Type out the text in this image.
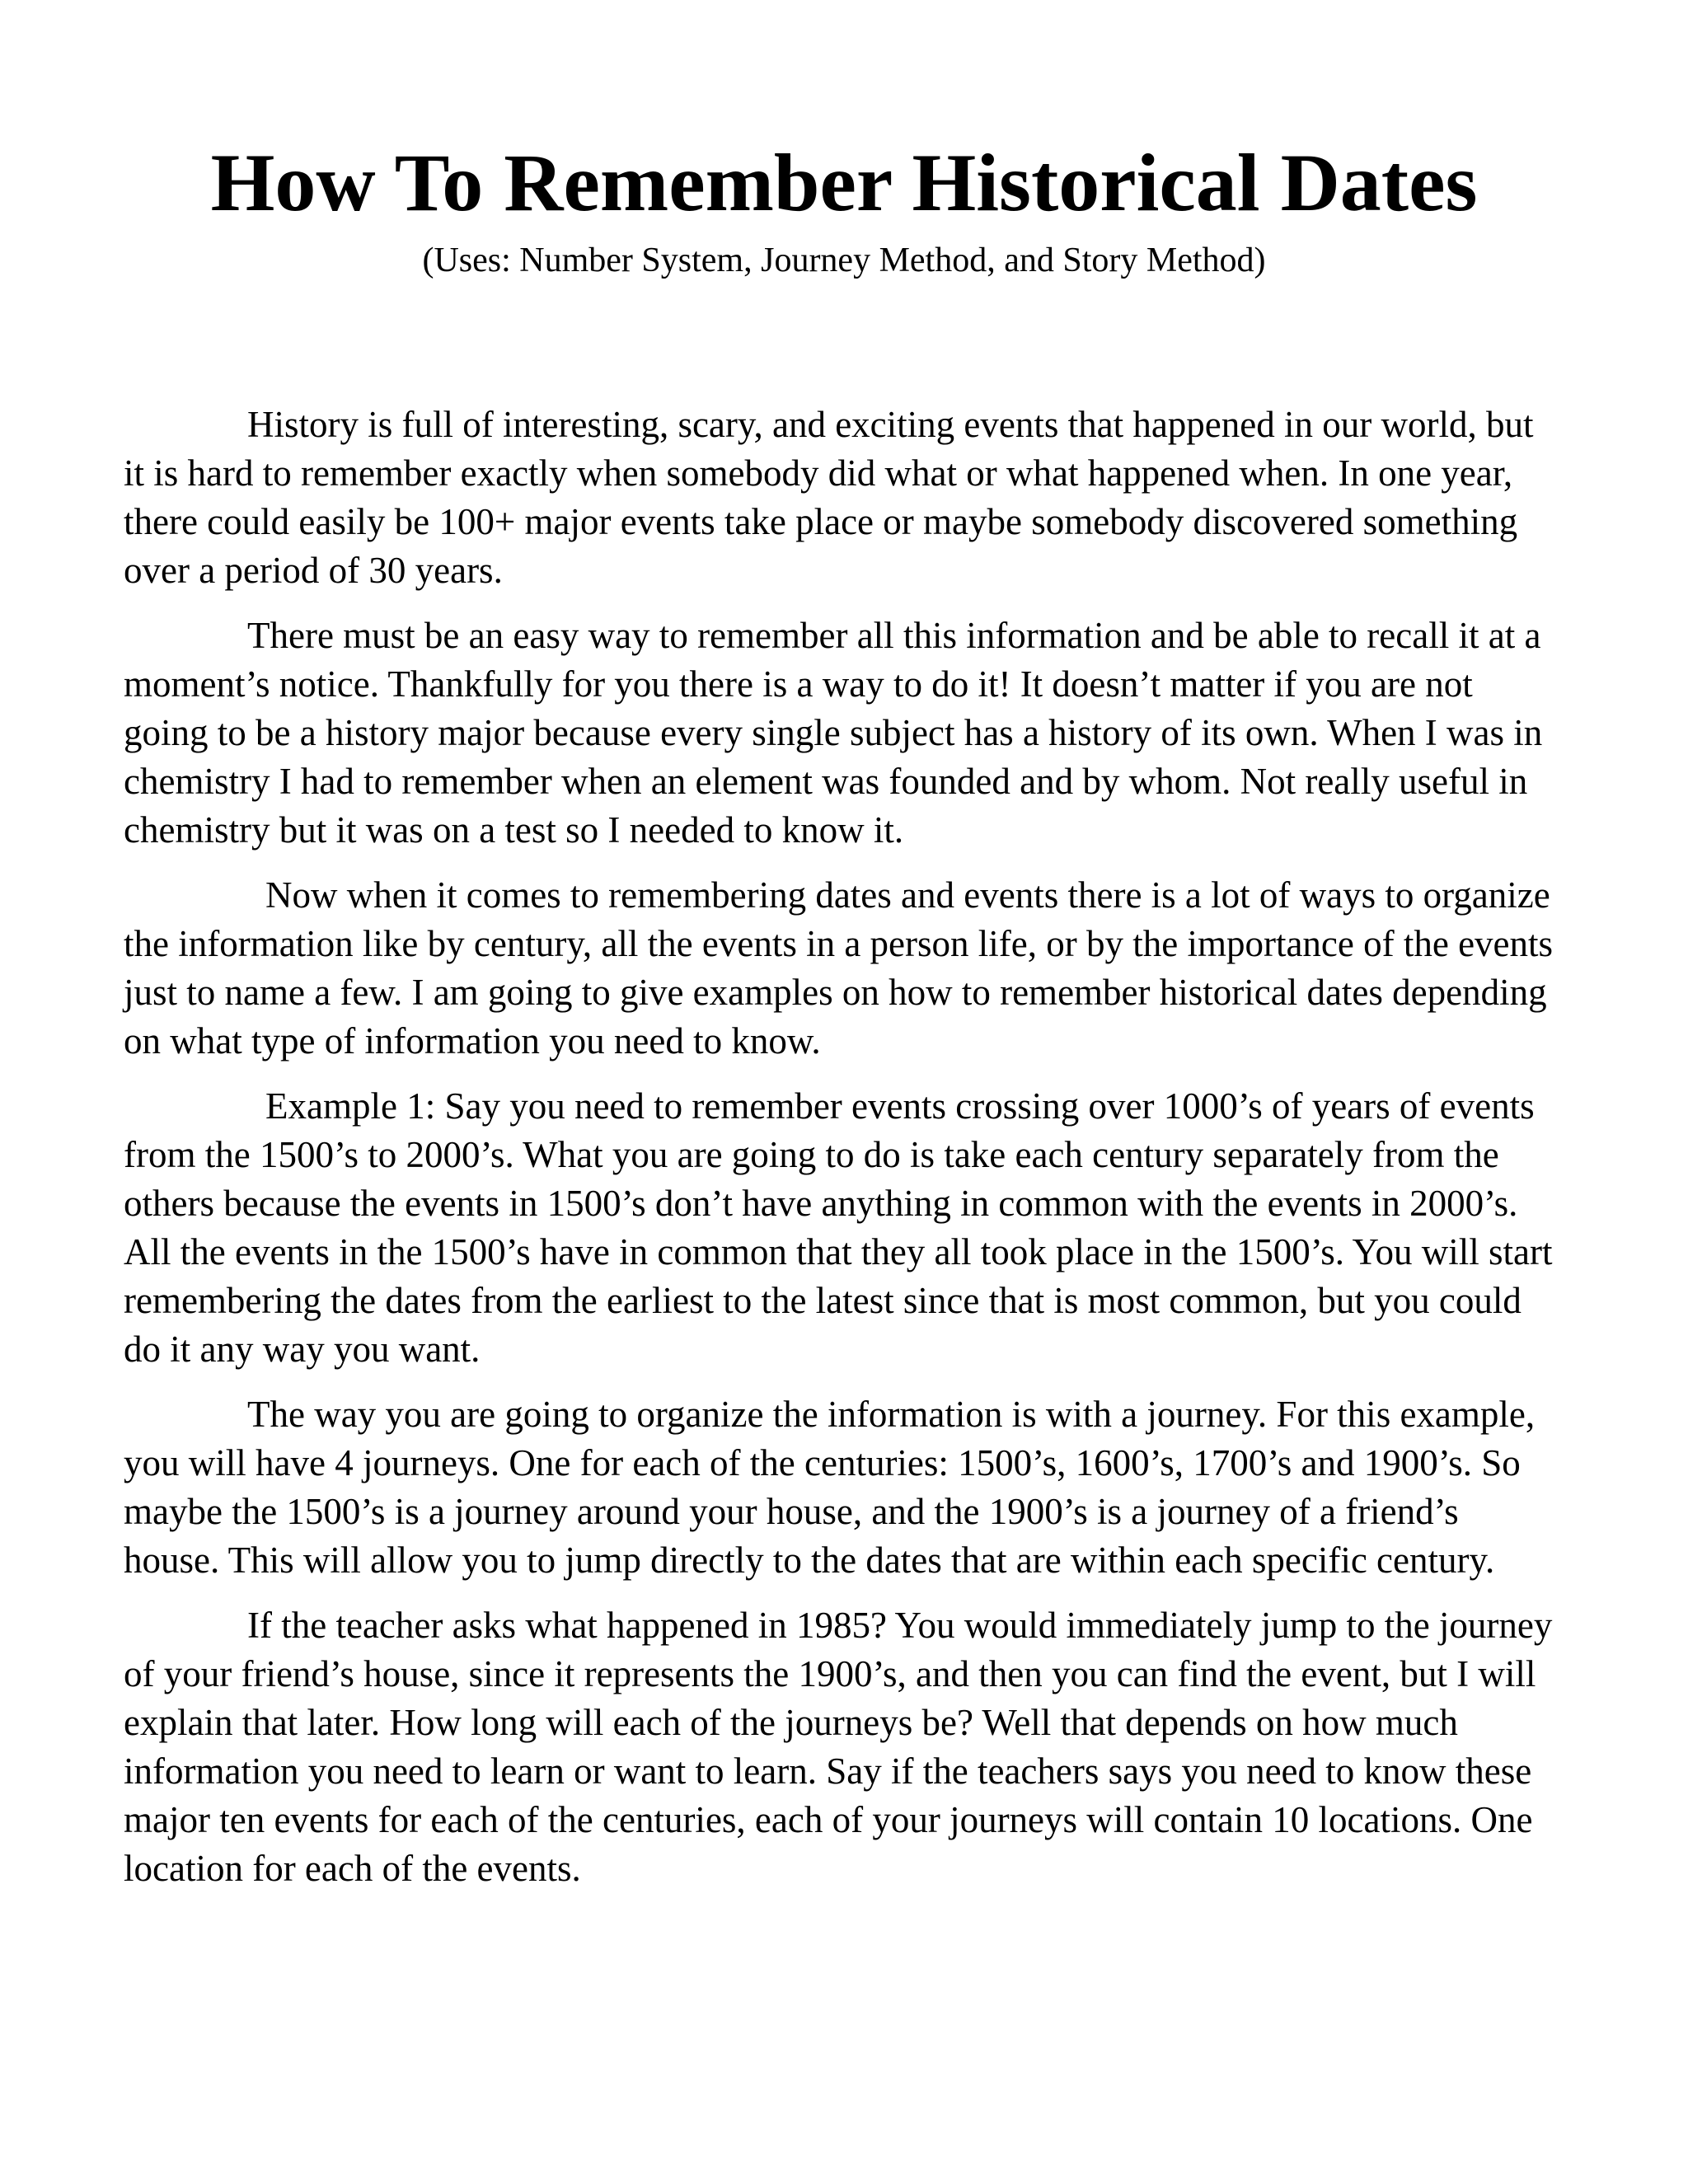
How To Remember Historical Dates

(Uses: Number System, Journey Method, and Story Method)

History is full of interesting, scary, and exciting events that happened in our world, but it is hard to remember exactly when somebody did what or what happened when. In one year, there could easily be 100+ major events take place or maybe somebody discovered something over a period of 30 years.

There must be an easy way to remember all this information and be able to recall it at a moment’s notice. Thankfully for you there is a way to do it! It doesn’t matter if you are not going to be a history major because every single subject has a history of its own. When I was in chemistry I had to remember when an element was founded and by whom. Not really useful in chemistry but it was on a test so I needed to know it.

Now when it comes to remembering dates and events there is a lot of ways to organize the information like by century, all the events in a person life, or by the importance of the events just to name a few. I am going to give examples on how to remember historical dates depending on what type of information you need to know.

Example 1: Say you need to remember events crossing over 1000’s of years of events from the 1500’s to 2000’s. What you are going to do is take each century separately from the others because the events in 1500’s don’t have anything in common with the events in 2000’s. All the events in the 1500’s have in common that they all took place in the 1500’s. You will start remembering the dates from the earliest to the latest since that is most common, but you could do it any way you want.

The way you are going to organize the information is with a journey. For this example, you will have 4 journeys. One for each of the centuries: 1500’s, 1600’s, 1700’s and 1900’s. So maybe the 1500’s is a journey around your house, and the 1900’s is a journey of a friend’s house. This will allow you to jump directly to the dates that are within each specific century.

If the teacher asks what happened in 1985? You would immediately jump to the journey of your friend’s house, since it represents the 1900’s, and then you can find the event, but I will explain that later. How long will each of the journeys be? Well that depends on how much information you need to learn or want to learn. Say if the teachers says you need to know these major ten events for each of the centuries, each of your journeys will contain 10 locations. One location for each of the events.
